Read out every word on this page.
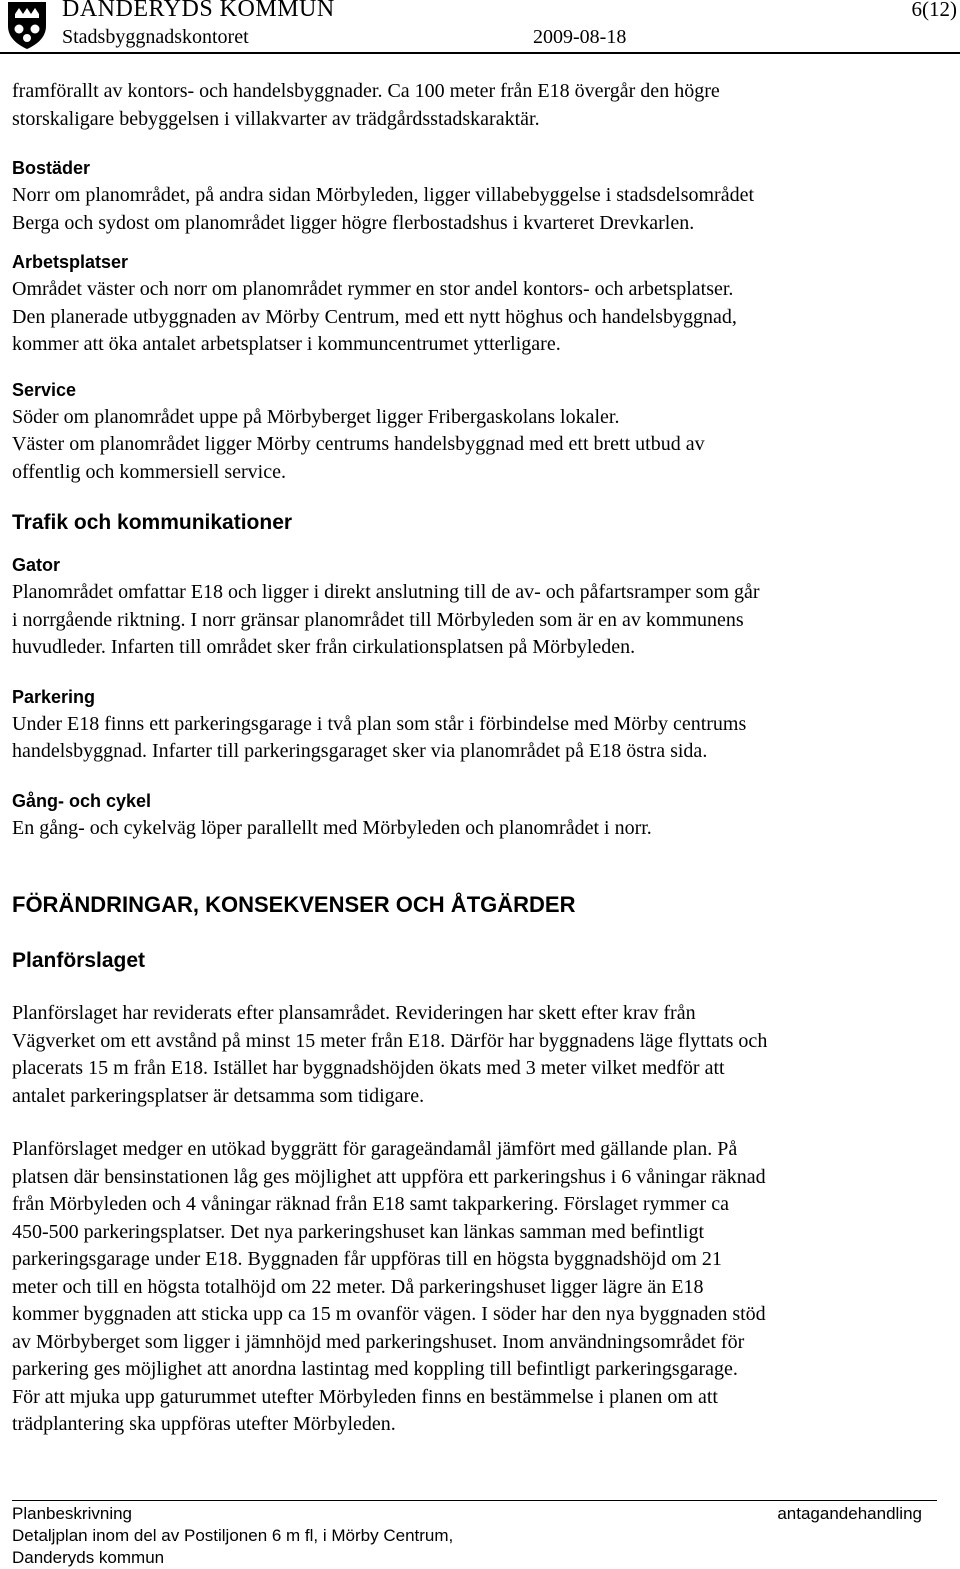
DANDERYDS KOMMUN
Stadsbyggnadskontoret	2009-08-18
6(12)

framförallt av kontors- och handelsbyggnader. Ca 100 meter från E18 övergår den högre

storskaligare bebyggelsen i villakvarter av trädgårdsstadskaraktär.

Bostäder

Norr om planområdet, på andra sidan Mörbyleden, ligger villabebyggelse i stadsdelsområdet

Berga och sydost om planområdet ligger högre flerbostadshus i kvarteret Drevkarlen.

Arbetsplatser

Området väster och norr om planområdet rymmer en stor andel kontors- och arbetsplatser.

Den planerade utbyggnaden av Mörby Centrum, med ett nytt höghus och handelsbyggnad,

kommer att öka antalet arbetsplatser i kommuncentrumet ytterligare.

Service

Söder om planområdet uppe på Mörbyberget ligger Fribergaskolans lokaler.

Väster om planområdet ligger Mörby centrums handelsbyggnad med ett brett utbud av

offentlig och kommersiell service.

Trafik och kommunikationer

Gator

Planområdet omfattar E18 och ligger i direkt anslutning till de av- och påfartsramper som går

i norrgående riktning. I norr gränsar planområdet till Mörbyleden som är en av kommunens

huvudleder. Infarten till området sker från cirkulationsplatsen på Mörbyleden.

Parkering

Under E18 finns ett parkeringsgarage i två plan som står i förbindelse med Mörby centrums

handelsbyggnad. Infarter till parkeringsgaraget sker via planområdet på E18 östra sida.

Gång- och cykel

En gång- och cykelväg löper parallellt med Mörbyleden och planområdet i norr.

FÖRÄNDRINGAR, KONSEKVENSER OCH ÅTGÄRDER

Planförslaget

Planförslaget har reviderats efter plansamrådet. Revideringen har skett efter krav från

Vägverket om ett avstånd på minst 15 meter från E18. Därför har byggnadens läge flyttats och

placerats 15 m från E18. Istället har byggnadshöjden ökats med 3 meter vilket medför att

antalet parkeringsplatser är detsamma som tidigare.

Planförslaget medger en utökad byggrätt för garageändamål jämfört med gällande plan. På

platsen där bensinstationen låg ges möjlighet att uppföra ett parkeringshus i 6 våningar räknad

från Mörbyleden och 4 våningar räknad från E18 samt takparkering. Förslaget rymmer ca

450-500 parkeringsplatser. Det nya parkeringshuset kan länkas samman med befintligt

parkeringsgarage under E18. Byggnaden får uppföras till en högsta byggnadshöjd om 21

meter och till en högsta totalhöjd om 22 meter. Då parkeringshuset ligger lägre än E18

kommer byggnaden att sticka upp ca 15 m ovanför vägen. I söder har den nya byggnaden stöd

av Mörbyberget som ligger i jämnhöjd med parkeringshuset. Inom användningsområdet för

parkering ges möjlighet att anordna lastintag med koppling till befintligt parkeringsgarage.

För att mjuka upp gaturummet utefter Mörbyleden finns en bestämmelse i planen om att

trädplantering ska uppföras utefter Mörbyleden.

Planbeskrivning
Detaljplan inom del av Postiljonen 6 m fl, i Mörby Centrum,
Danderyds kommun
antagandehandling
